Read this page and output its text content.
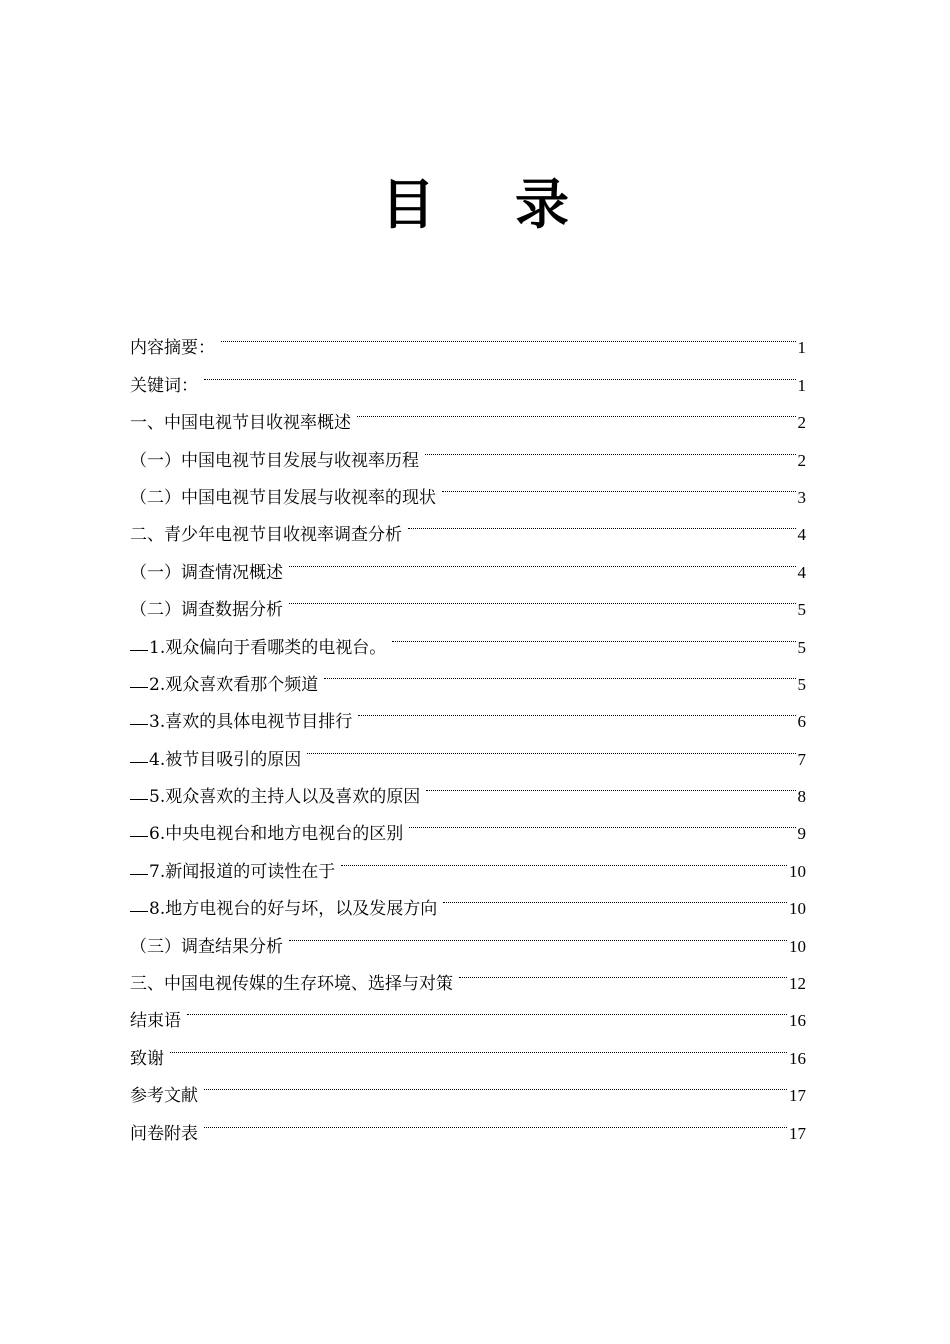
目 录
内容摘要：	1
关键词：	1
一、中国电视节目收视率概述	2
（一）中国电视节目发展与收视率历程	2
（二）中国电视节目发展与收视率的现状	3
二、青少年电视节目收视率调查分析	4
（一）调查情况概述	4
（二）调查数据分析	5
1.观众偏向于看哪类的电视台。	5
2.观众喜欢看那个频道	5
3.喜欢的具体电视节目排行	6
4.被节目吸引的原因	7
5.观众喜欢的主持人以及喜欢的原因	8
6.中央电视台和地方电视台的区别	9
7.新闻报道的可读性在于	10
8.地方电视台的好与坏，以及发展方向	10
（三）调查结果分析	10
三、中国电视传媒的生存环境、选择与对策	12
结束语	16
致谢	16
参考文献	17
问卷附表	17
